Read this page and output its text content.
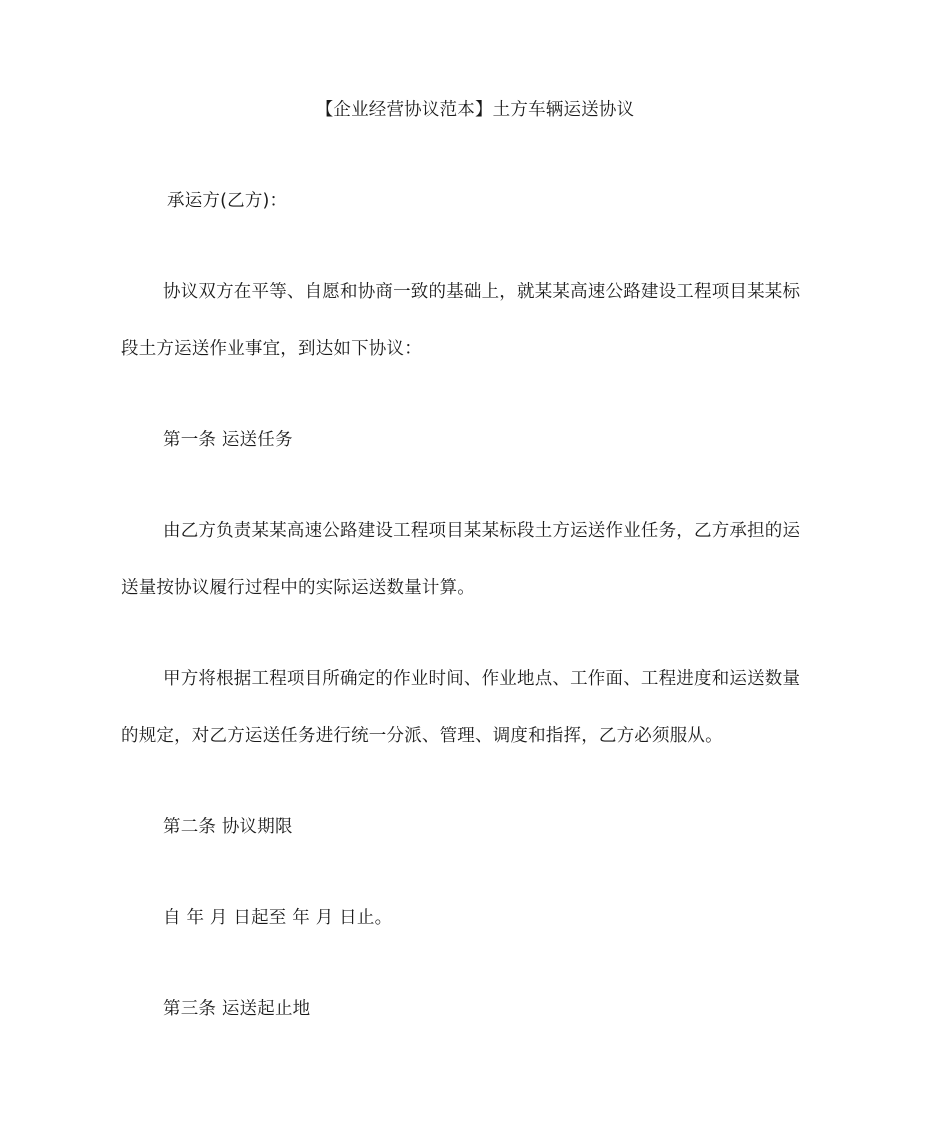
【企业经营协议范本】土方车辆运送协议

承运方(乙方)：

协议双方在平等、自愿和协商一致的基础上，就某某高速公路建设工程项目某某标

段土方运送作业事宜，到达如下协议：

第一条 运送任务

由乙方负责某某高速公路建设工程项目某某标段土方运送作业任务，乙方承担的运

送量按协议履行过程中的实际运送数量计算。

甲方将根据工程项目所确定的作业时间、作业地点、工作面、工程进度和运送数量

的规定，对乙方运送任务进行统一分派、管理、调度和指挥，乙方必须服从。

第二条 协议期限

自 年 月 日起至 年 月 日止。

第三条 运送起止地
